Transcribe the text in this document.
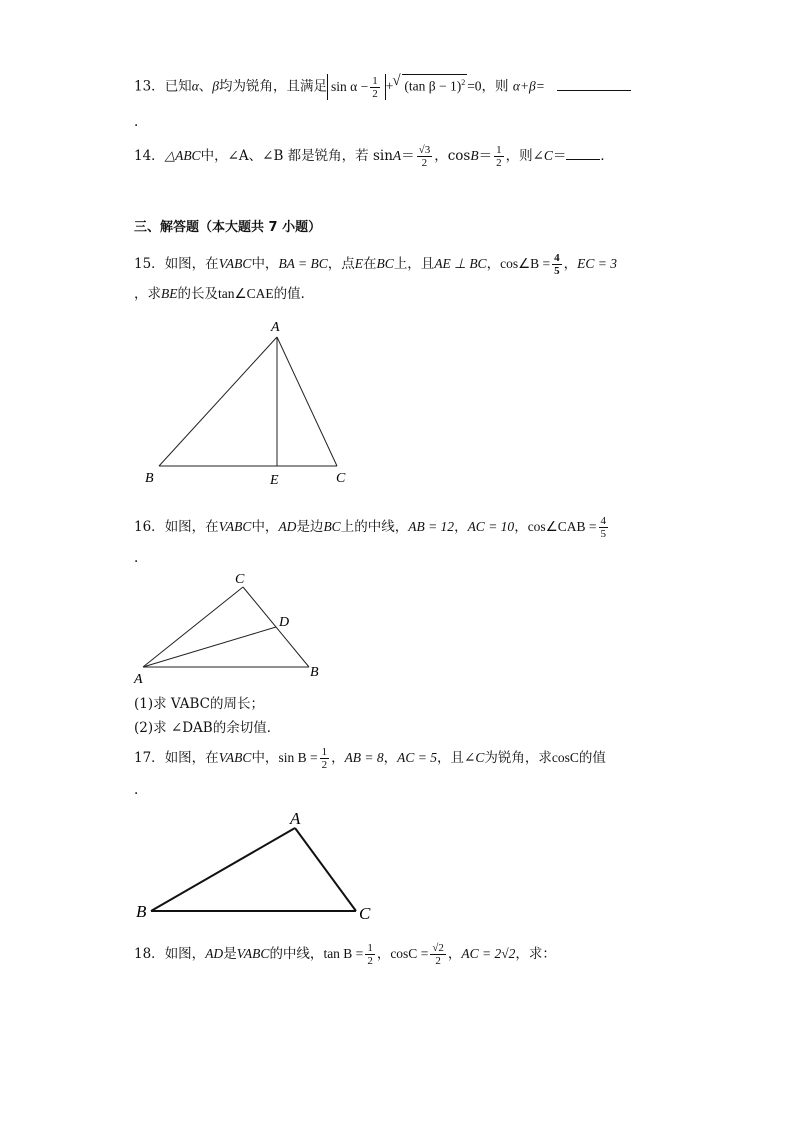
13．已知α、β均为锐角，且满足 $\sin \alpha - \frac{1}{2}$ +√ (tan β − 1)$^2$ =0，则 α+β=
.
14．△ABC中，∠A、∠B 都是锐角，若 $\sin A= \frac{√3}{2}$ ，$\cos B= \frac{1}{2}$ ，则∠C＝	．
三、解答题（本大题共 7 小题）
15．如图，在VABC中，BA = BC，点E在BC上，且AE ⊥ BC，cos∠B = $\frac{4}{5}$ ，EC = 3
，求BE的长及tan∠CAE的值．
A
B	E	C
C
D
A	B
A
B	C
16．如图，在VABC中，AD是边BC上的中线，AB = 12，AC = 10，cos∠CAB = $\frac{4}{5}$
.
(1)求 VABC的周长；
(2)求 ∠DAB的余切值．
17．如图，在VABC中，$\sin B = \frac{1}{2}$ ，AB = 8，AC = 5，且∠C为锐角，求cosC的值
.
18．如图，AD是VABC的中线，$\tan B = \frac{1}{2}$ ，$\cos C = \frac{√2}{2}$ ，AC = 2√2，求：
